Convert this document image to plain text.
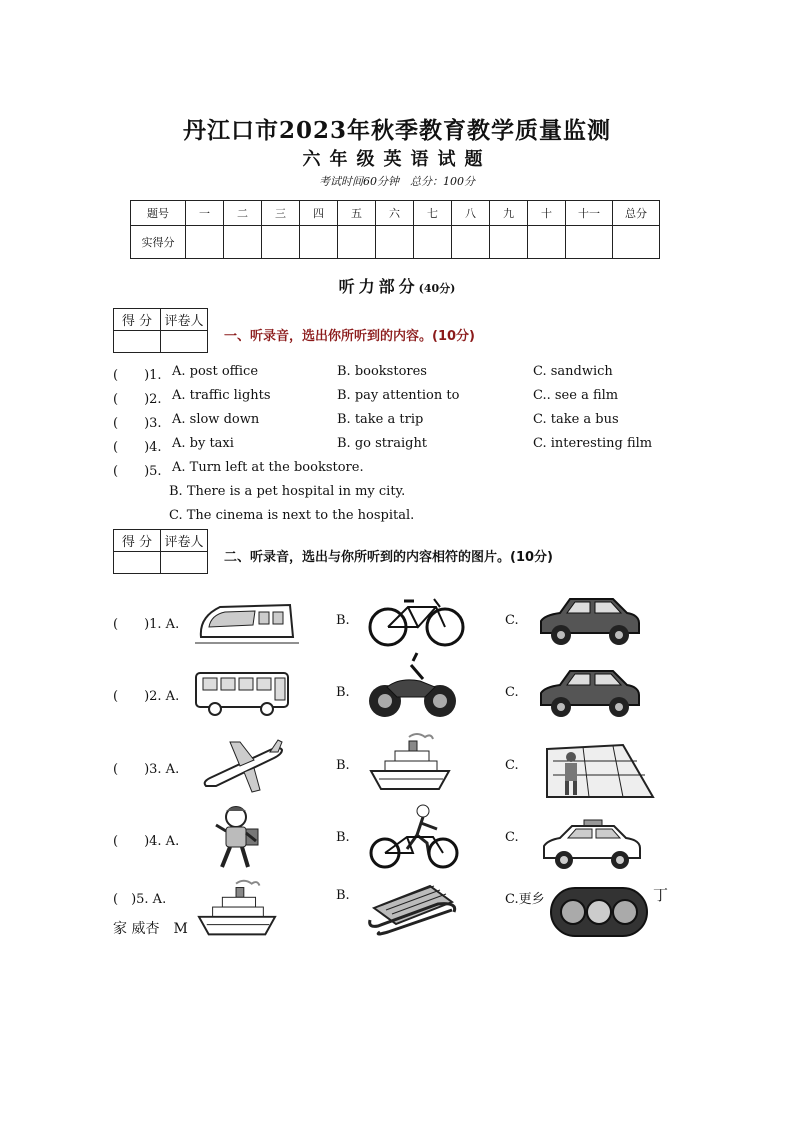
丹江口市2023年秋季教育教学质量监测
六年级英语试题
考试时间60分钟　总分：100分
题号	一	二	三	四	五	六	七	八	九	十	十一	总分
实得分												
听力部分(40分)
得 分	评卷人

一、听录音，选出你所听到的内容。(10分)
(　　)1. A. post office	B. bookstores	C. sandwich
(　　)2. A. traffic lights	B. pay attention to	C.. see a film
(　　)3. A. slow down	B. take a trip	C. take a bus
(　　)4. A. by taxi	B. go straight	C. interesting film
(　　)5. A. Turn left at the bookstore.
B. There is a pet hospital in my city.
C. The cinema is next to the hospital.
得 分	评卷人

二、听录音，选出与你所听到的内容相符的图片。(10分)
(　　)1. A.	B.	C.
(　　)2. A.	B.	C.
(　　)3. A.	B.	C.
(　　)4. A.	B.	C.
(　)5. A.	B.	C.更乡	丁
家 威杏　M
